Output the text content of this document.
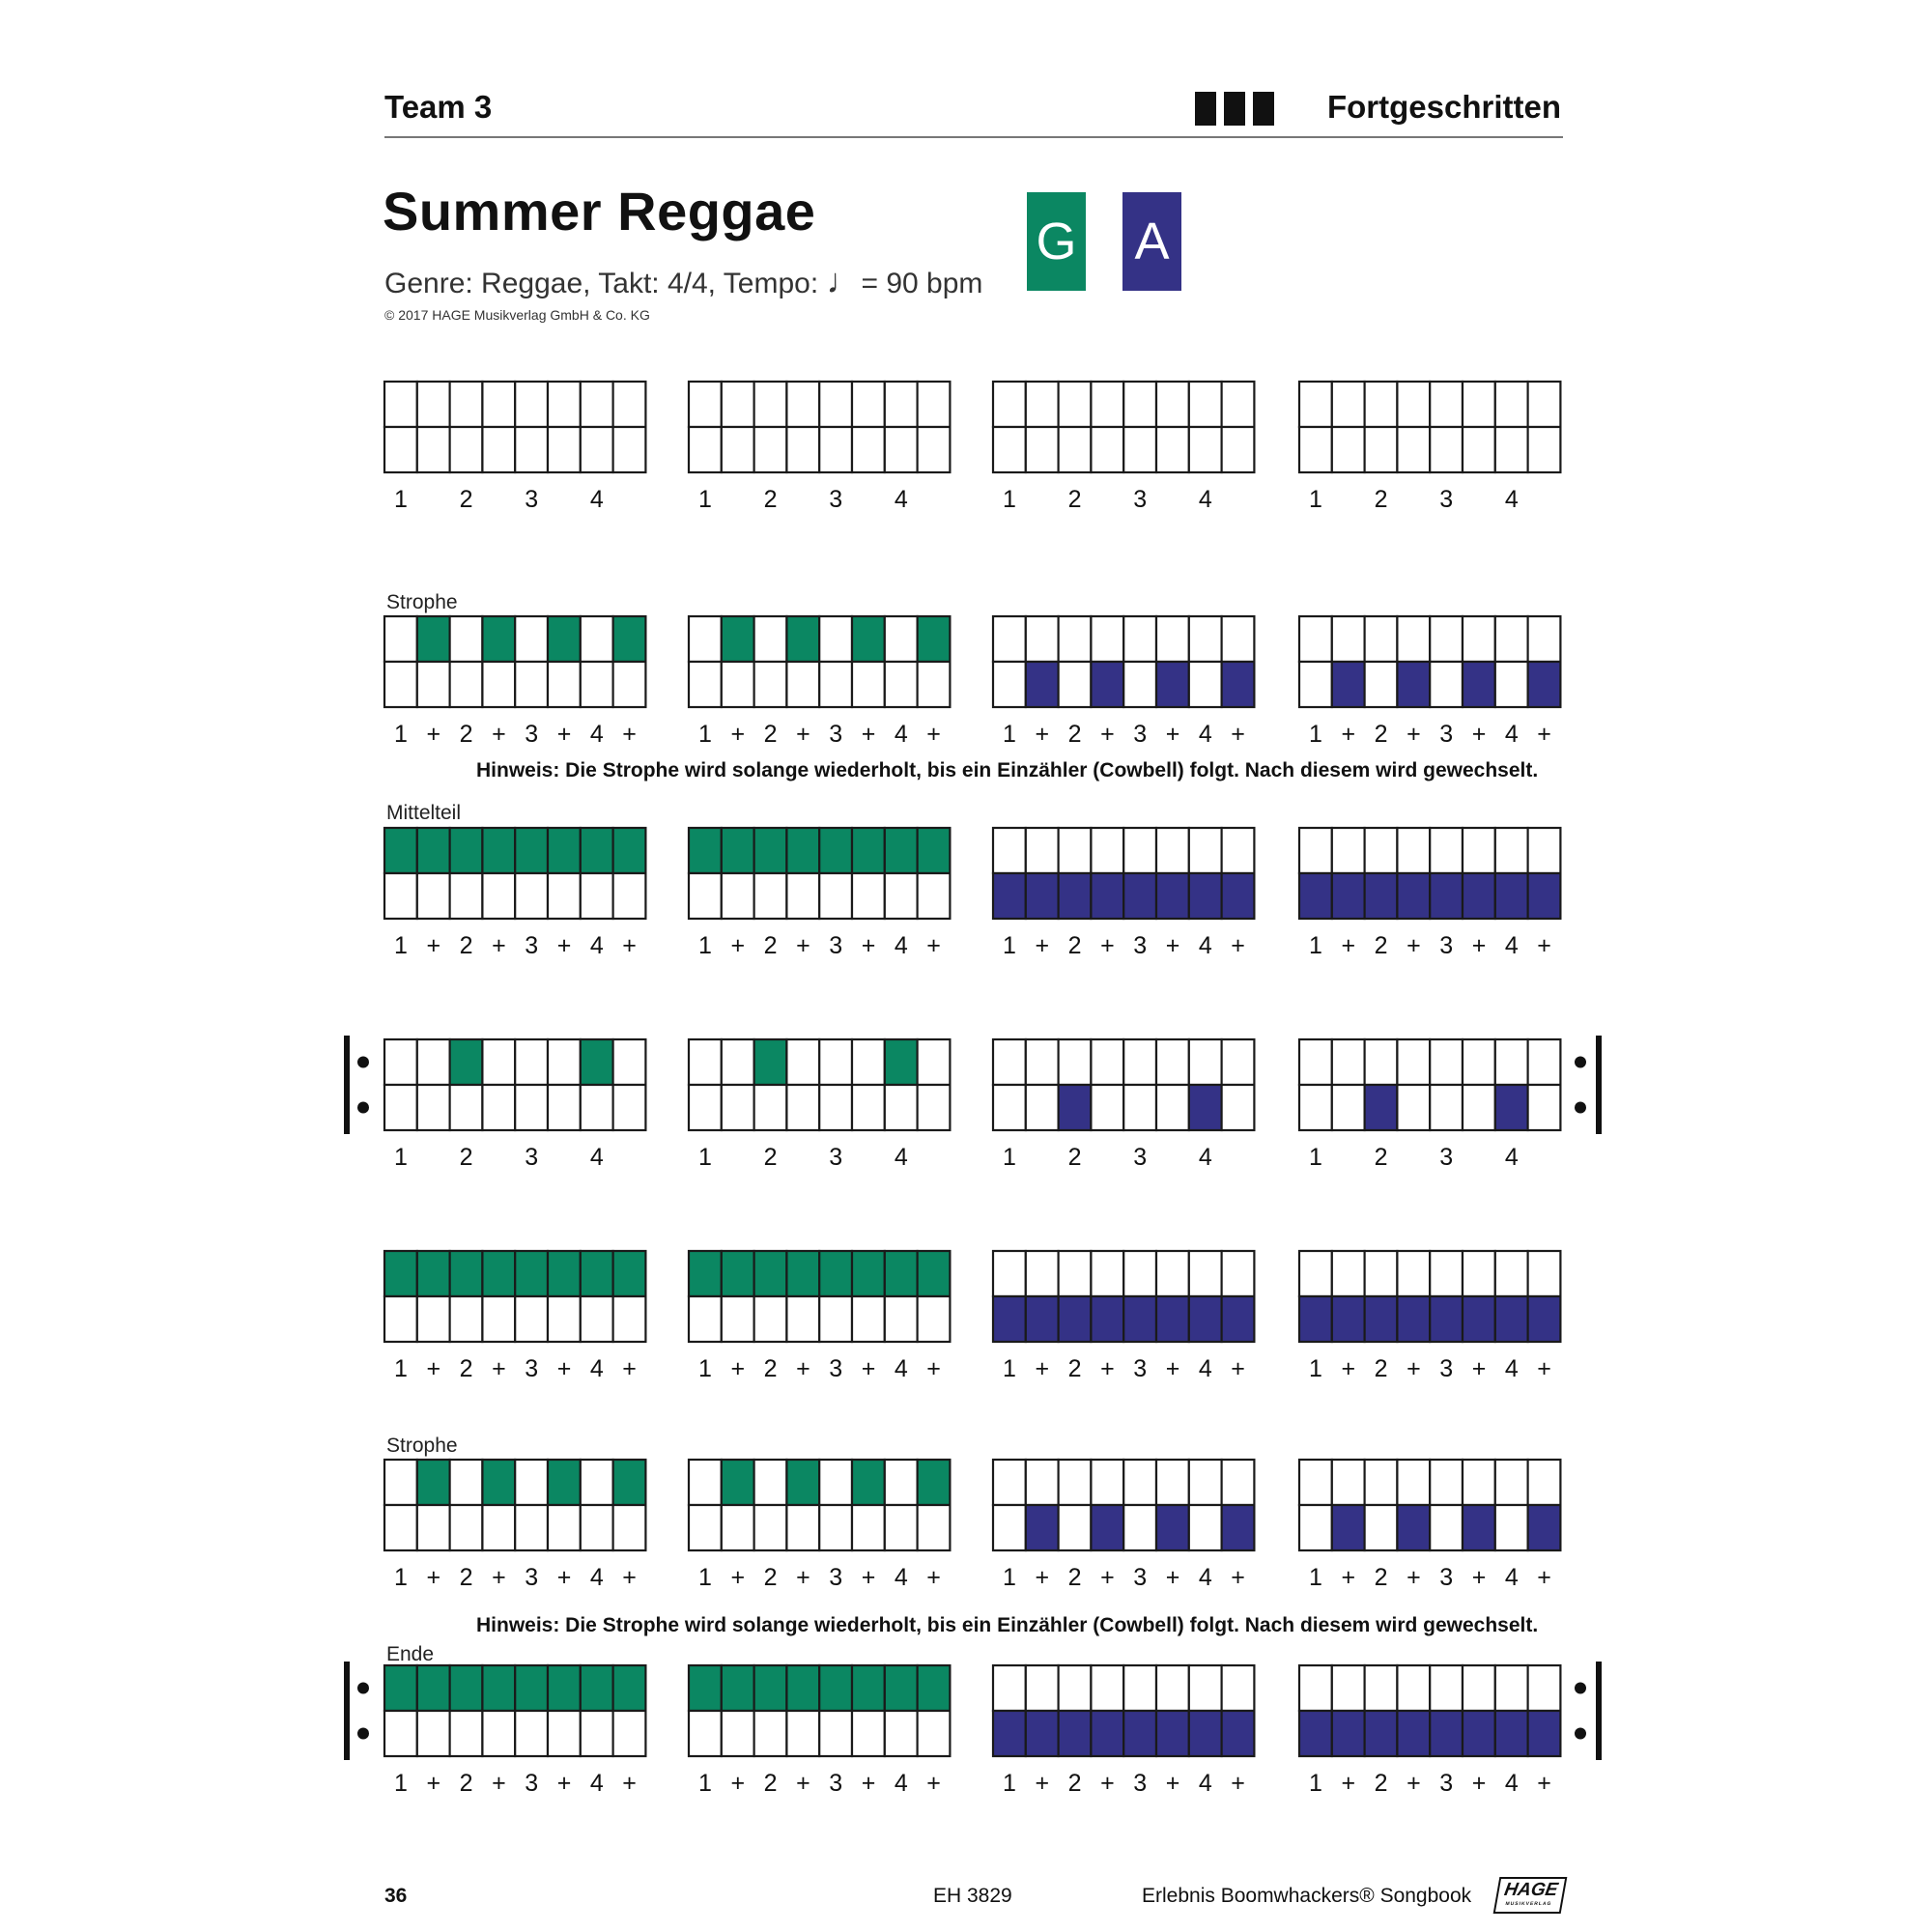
Team 3	Fortgeschritten
Summer Reggae
Genre: Reggae, Takt: 4/4, Tempo: ♩= 90 bpm
© 2017 HAGE Musikverlag GmbH & Co. KG
G A
Strophe
Mittelteil
Strophe
Ende
Hinweis: Die Strophe wird solange wiederholt, bis ein Einzähler (Cowbell) folgt. Nach diesem wird gewechselt.
Hinweis: Die Strophe wird solange wiederholt, bis ein Einzähler (Cowbell) folgt. Nach diesem wird gewechselt.
1 2 3 4	1 2 3 4	1 2 3 4	1 2 3 4
1 + 2 + 3 + 4 +	1 + 2 + 3 + 4 +	1 + 2 + 3 + 4 +	1 + 2 + 3 + 4 +
1 + 2 + 3 + 4 +	1 + 2 + 3 + 4 +	1 + 2 + 3 + 4 +	1 + 2 + 3 + 4 +
1 2 3 4	1 2 3 4	1 2 3 4	1 2 3 4
1 + 2 + 3 + 4 +	1 + 2 + 3 + 4 +	1 + 2 + 3 + 4 +	1 + 2 + 3 + 4 +
1 + 2 + 3 + 4 +	1 + 2 + 3 + 4 +	1 + 2 + 3 + 4 +	1 + 2 + 3 + 4 +
1 + 2 + 3 + 4 +	1 + 2 + 3 + 4 +	1 + 2 + 3 + 4 +	1 + 2 + 3 + 4 +
36	EH 3829	Erlebnis Boomwhackers® Songbook	HAGE
MUSIKVERLAG
